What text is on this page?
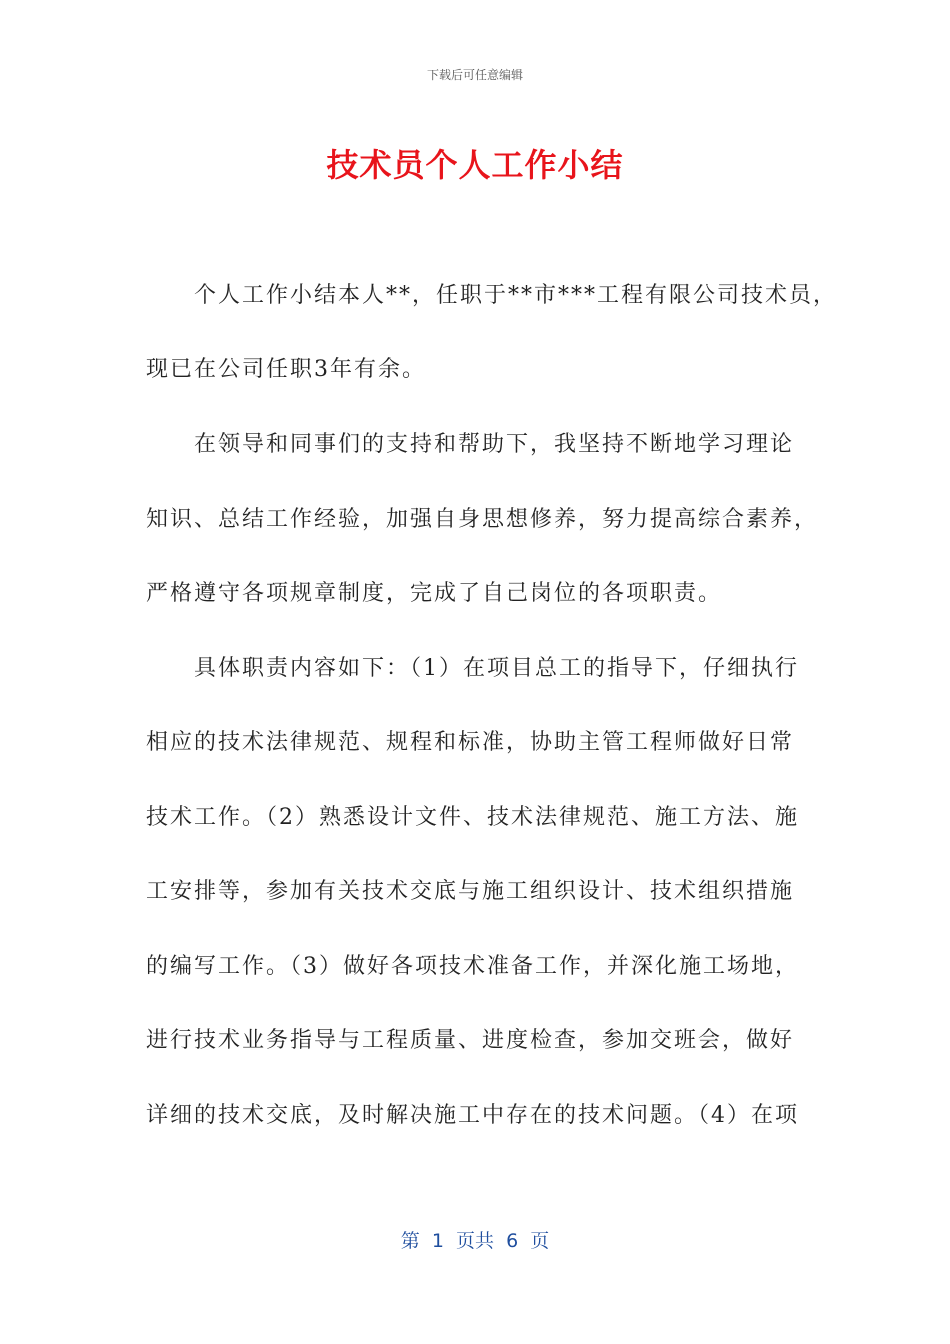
下载后可任意编辑
技术员个人工作小结
个人工作小结本人**，任职于**市***工程有限公司技术员，
现已在公司任职3年有余。
在领导和同事们的支持和帮助下，我坚持不断地学习理论
知识、总结工作经验，加强自身思想修养，努力提高综合素养，
严格遵守各项规章制度，完成了自己岗位的各项职责。
具体职责内容如下：（1）在项目总工的指导下，仔细执行
相应的技术法律规范、规程和标准，协助主管工程师做好日常
技术工作。（2）熟悉设计文件、技术法律规范、施工方法、施
工安排等，参加有关技术交底与施工组织设计、技术组织措施
的编写工作。（3）做好各项技术准备工作，并深化施工场地，
进行技术业务指导与工程质量、进度检查，参加交班会，做好
详细的技术交底，及时解决施工中存在的技术问题。（4）在项
第  1  页共  6  页
